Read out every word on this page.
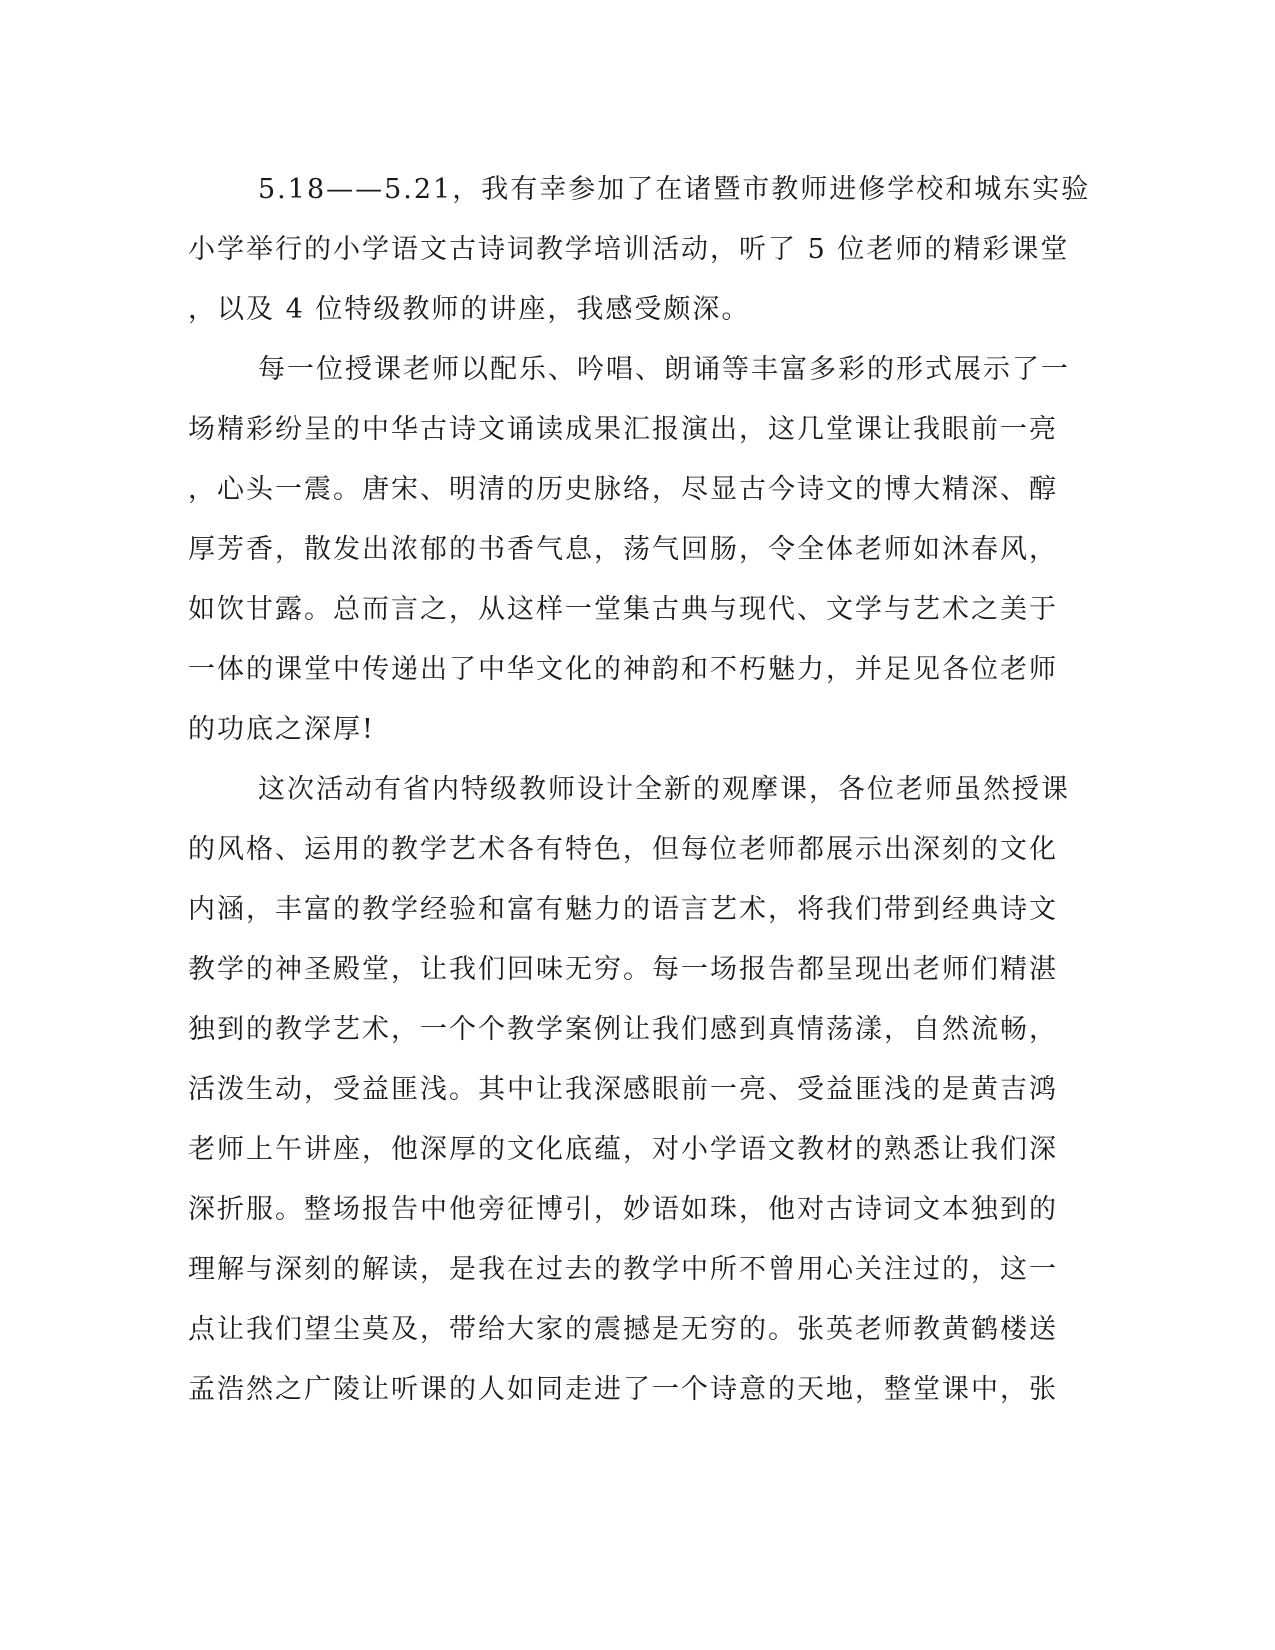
5.18——5.21，我有幸参加了在诸暨市教师进修学校和城东实验
小学举行的小学语文古诗词教学培训活动，听了 5 位老师的精彩课堂
，以及 4 位特级教师的讲座，我感受颇深。
每一位授课老师以配乐、吟唱、朗诵等丰富多彩的形式展示了一
场精彩纷呈的中华古诗文诵读成果汇报演出，这几堂课让我眼前一亮
，心头一震。唐宋、明清的历史脉络，尽显古今诗文的博大精深、醇
厚芳香，散发出浓郁的书香气息，荡气回肠，令全体老师如沐春风，
如饮甘露。总而言之，从这样一堂集古典与现代、文学与艺术之美于
一体的课堂中传递出了中华文化的神韵和不朽魅力，并足见各位老师
的功底之深厚!
这次活动有省内特级教师设计全新的观摩课，各位老师虽然授课
的风格、运用的教学艺术各有特色，但每位老师都展示出深刻的文化
内涵，丰富的教学经验和富有魅力的语言艺术，将我们带到经典诗文
教学的神圣殿堂，让我们回味无穷。每一场报告都呈现出老师们精湛
独到的教学艺术，一个个教学案例让我们感到真情荡漾，自然流畅，
活泼生动，受益匪浅。其中让我深感眼前一亮、受益匪浅的是黄吉鸿
老师上午讲座，他深厚的文化底蕴，对小学语文教材的熟悉让我们深
深折服。整场报告中他旁征博引，妙语如珠，他对古诗词文本独到的
理解与深刻的解读，是我在过去的教学中所不曾用心关注过的，这一
点让我们望尘莫及，带给大家的震撼是无穷的。张英老师教黄鹤楼送
孟浩然之广陵让听课的人如同走进了一个诗意的天地，整堂课中，张
